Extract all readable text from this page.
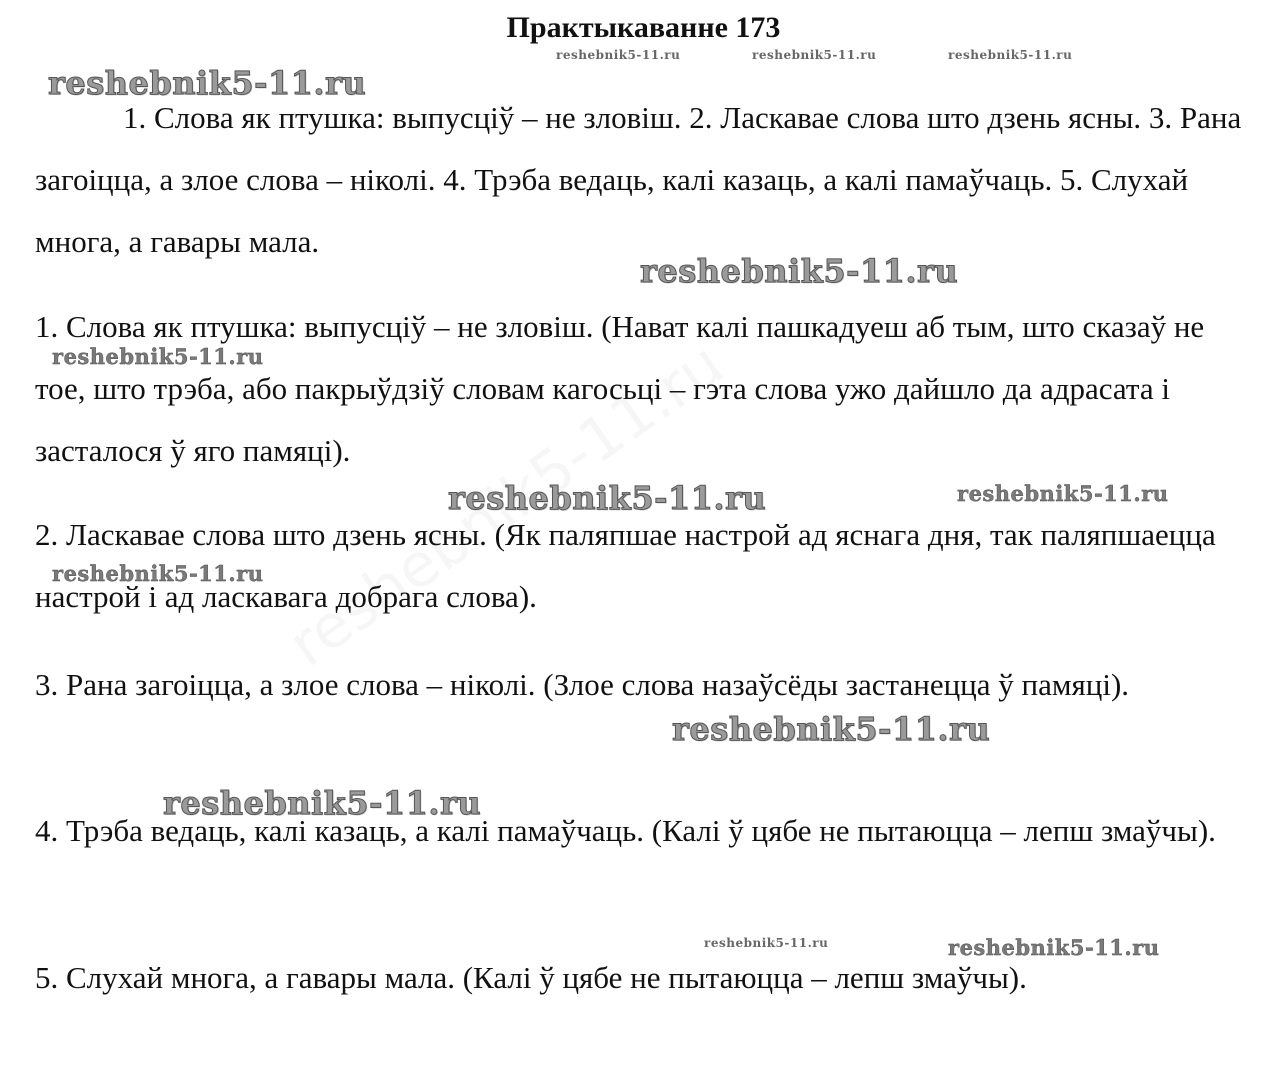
Практыкаванне 173

1. Слова як птушка: выпусціў – не зловіш. 2. Ласкавае слова што дзень ясны. 3. Рана загоіцца, а злое слова – ніколі. 4. Трэба ведаць, калі казаць, а калі памаўчаць. 5. Слухай многа, а гавары мала.

1. Слова як птушка: выпусціў – не зловіш. (Нават калі пашкадуеш аб тым, што сказаў не тое, што трэба, або пакрыўдзіў словам кагосьці – гэта слова ужо дайшло да адрасата і засталося ў яго памяці).

2. Ласкавае слова што дзень ясны. (Як паляпшае настрой ад яснага дня, так паляпшаецца настрой і ад ласкавага добрага слова).

3. Рана загоіцца, а злое слова – ніколі. (Злое слова назаўсёды застанецца ў памяці).

4. Трэба ведаць, калі казаць, а калі памаўчаць. (Калі ў цябе не пытаюцца – лепш змаўчы).

5. Слухай многа, а гавары мала. (Калі ў цябе не пытаюцца – лепш змаўчы).

reshebnik5-11.ru	reshebnik5-11.ru	reshebnik5-11.ru
reshebnik5-11.ru
reshebnik5-11.ru
reshebnik5-11.ru
reshebnik5-11.ru	reshebnik5-11.ru
reshebnik5-11.ru
reshebnik5-11.ru
reshebnik5-11.ru
reshebnik5-11.ru	reshebnik5-11.ru
